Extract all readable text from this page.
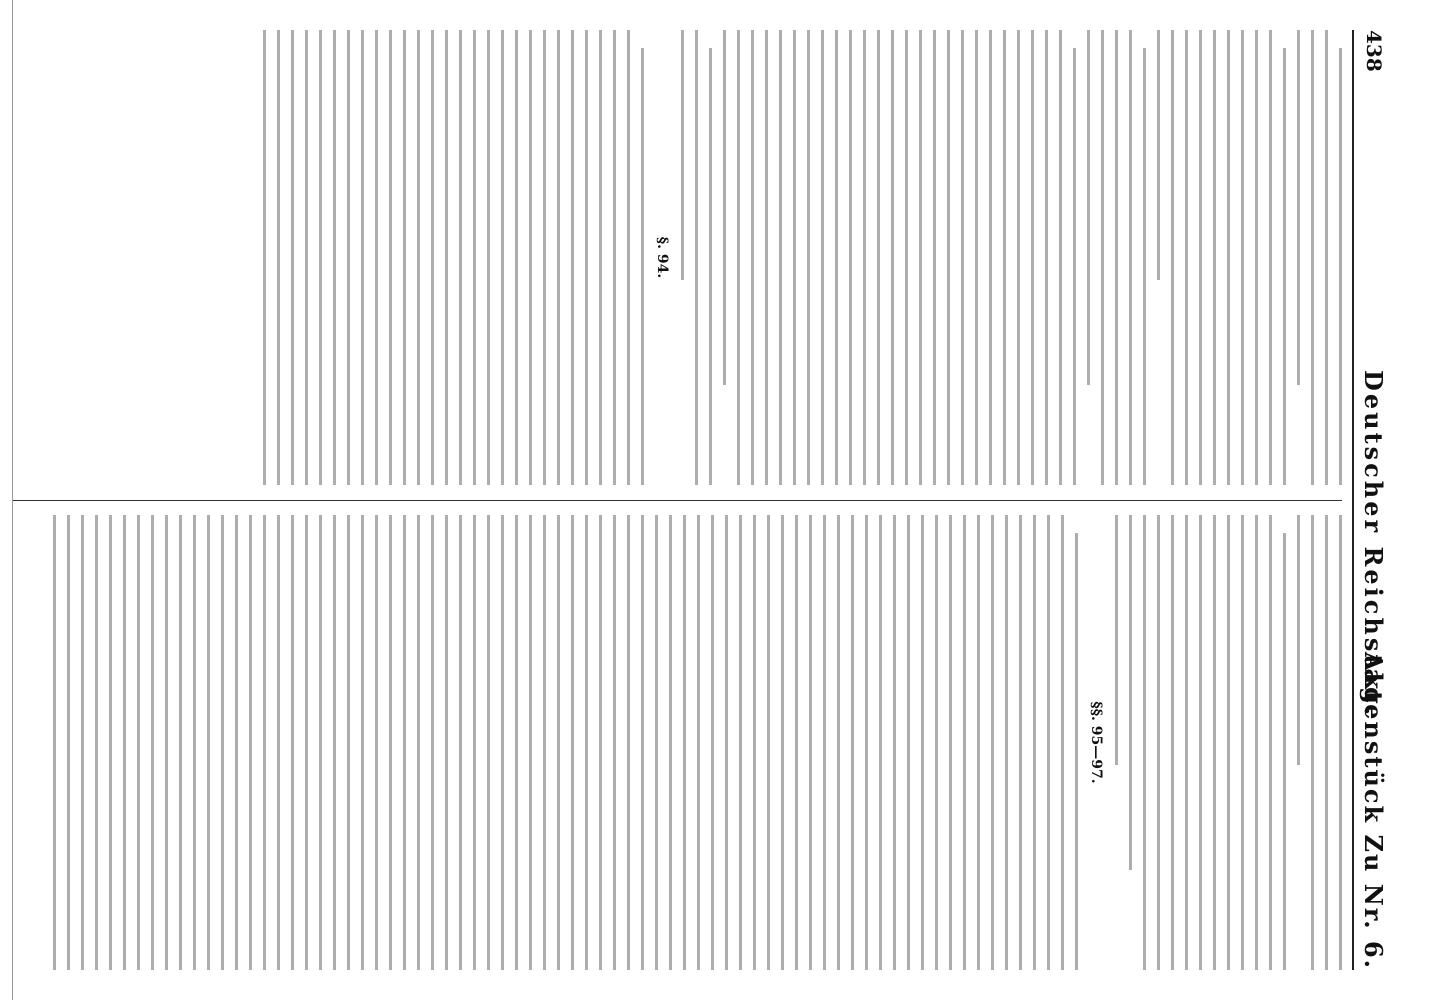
438
Deutscher Reichstag.
Aktenstück Zu Nr. 6.
§. 94.
§§. 95—97.
